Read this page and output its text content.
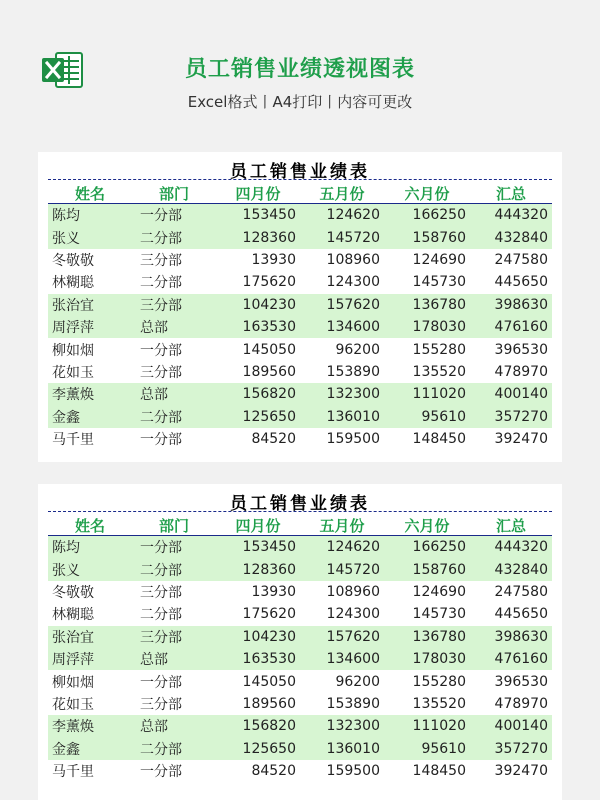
员工销售业绩透视图表
Excel格式丨A4打印丨内容可更改
员工销售业绩表
姓名	部门	四月份	五月份	六月份	汇总
陈均	一分部	153450	124620	166250	444320
张义	二分部	128360	145720	158760	432840
冬敬敬	三分部	13930	108960	124690	247580
林糊聪	二分部	175620	124300	145730	445650
张治宜	三分部	104230	157620	136780	398630
周浮萍	总部	163530	134600	178030	476160
柳如烟	一分部	145050	96200	155280	396530
花如玉	三分部	189560	153890	135520	478970
李薰焕	总部	156820	132300	111020	400140
金鑫	二分部	125650	136010	95610	357270
马千里	一分部	84520	159500	148450	392470
员工销售业绩表
姓名	部门	四月份	五月份	六月份	汇总
陈均	一分部	153450	124620	166250	444320
张义	二分部	128360	145720	158760	432840
冬敬敬	三分部	13930	108960	124690	247580
林糊聪	二分部	175620	124300	145730	445650
张治宜	三分部	104230	157620	136780	398630
周浮萍	总部	163530	134600	178030	476160
柳如烟	一分部	145050	96200	155280	396530
花如玉	三分部	189560	153890	135520	478970
李薰焕	总部	156820	132300	111020	400140
金鑫	二分部	125650	136010	95610	357270
马千里	一分部	84520	159500	148450	392470
